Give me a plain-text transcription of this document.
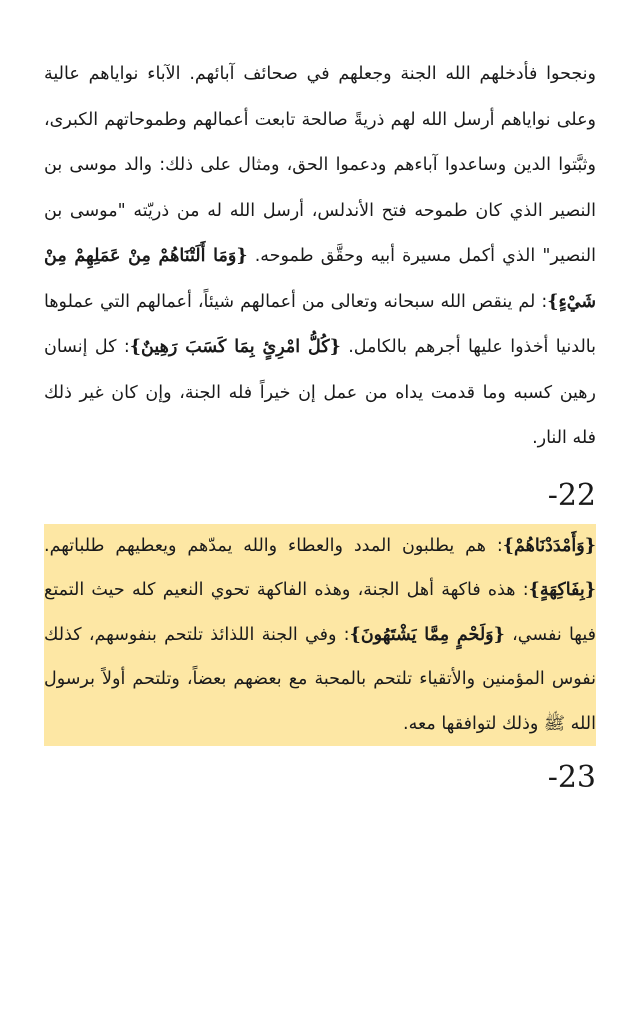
ونجحوا فأدخلهم الله الجنة وجعلهم في صحائف آبائهم. الآباء نواياهم عالية وعلى نواياهم أرسل الله لهم ذريةً صالحة تابعت أعمالهم وطموحاتهم الكبرى، وثبَّتوا الدين وساعدوا آباءهم ودعموا الحق، ومثال على ذلك: والد موسى بن النصير الذي كان طموحه فتح الأندلس، أرسل الله له من ذريّته "موسى بن النصير" الذي أكمل مسيرة أبيه وحقَّق طموحه. {وَمَا أَلَتْنَاهُمْ مِنْ عَمَلِهِمْ مِنْ شَيْءٍ}: لم ينقص الله سبحانه وتعالى من أعمالهم شيئاً، أعمالهم التي عملوها بالدنيا أخذوا عليها أجرهم بالكامل. {كُلُّ امْرِئٍ بِمَا كَسَبَ رَهِينٌ}: كل إنسان رهين كسبه وما قدمت يداه من عمل إن خيراً فله الجنة، وإن كان غير ذلك فله النار.

-22

{وَأَمْدَدْنَاهُمْ}: هم يطلبون المدد والعطاء والله يمدّهم ويعطيهم طلباتهم. {بِفَاكِهَةٍ}: هذه فاكهة أهل الجنة، وهذه الفاكهة تحوي النعيم كله حيث التمتع فيها نفسي، {وَلَحْمٍ مِمَّا يَشْتَهُونَ}: وفي الجنة اللذائذ تلتحم بنفوسهم، كذلك نفوس المؤمنين والأتقياء تلتحم بالمحبة مع بعضهم بعضاً، وتلتحم أولاً برسول الله ﷺ وذلك لتوافقها معه.

-23
